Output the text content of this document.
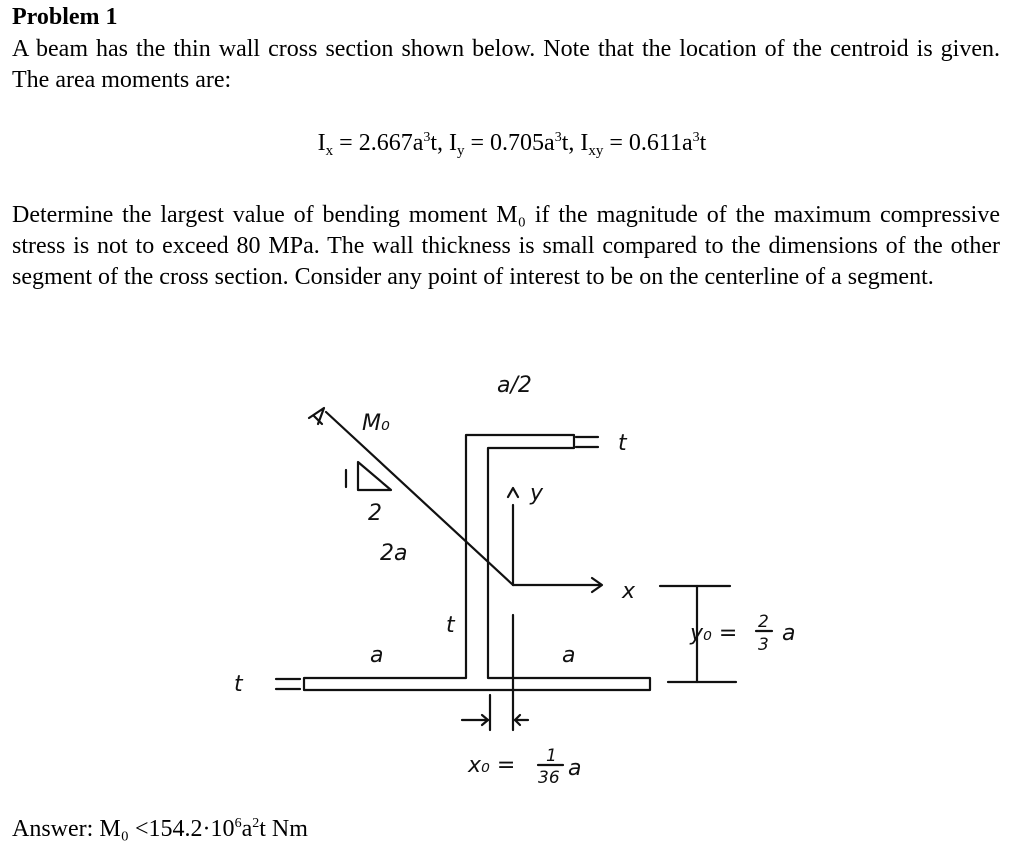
Problem 1
A beam has the thin wall cross section shown below. Note that the location of the centroid is given. The area moments are:
$I_x = 2.667a^3t$, $I_y = 0.705a^3t$, $I_{xy} = 0.611a^3t$
Determine the largest value of bending moment M₀ if the magnitude of the maximum compressive stress is not to exceed 80 MPa. The wall thickness is small compared to the dimensions of the other segment of the cross section. Consider any point of interest to be on the centerline of a segment.
a/2
M₀
2
2a
t
t
t
a	a
y
x
y₀ = 2
3 a
x₀ = 1
36 a
Answer: $M_0 <154.2\cdot 10^6a^2t$ Nm
